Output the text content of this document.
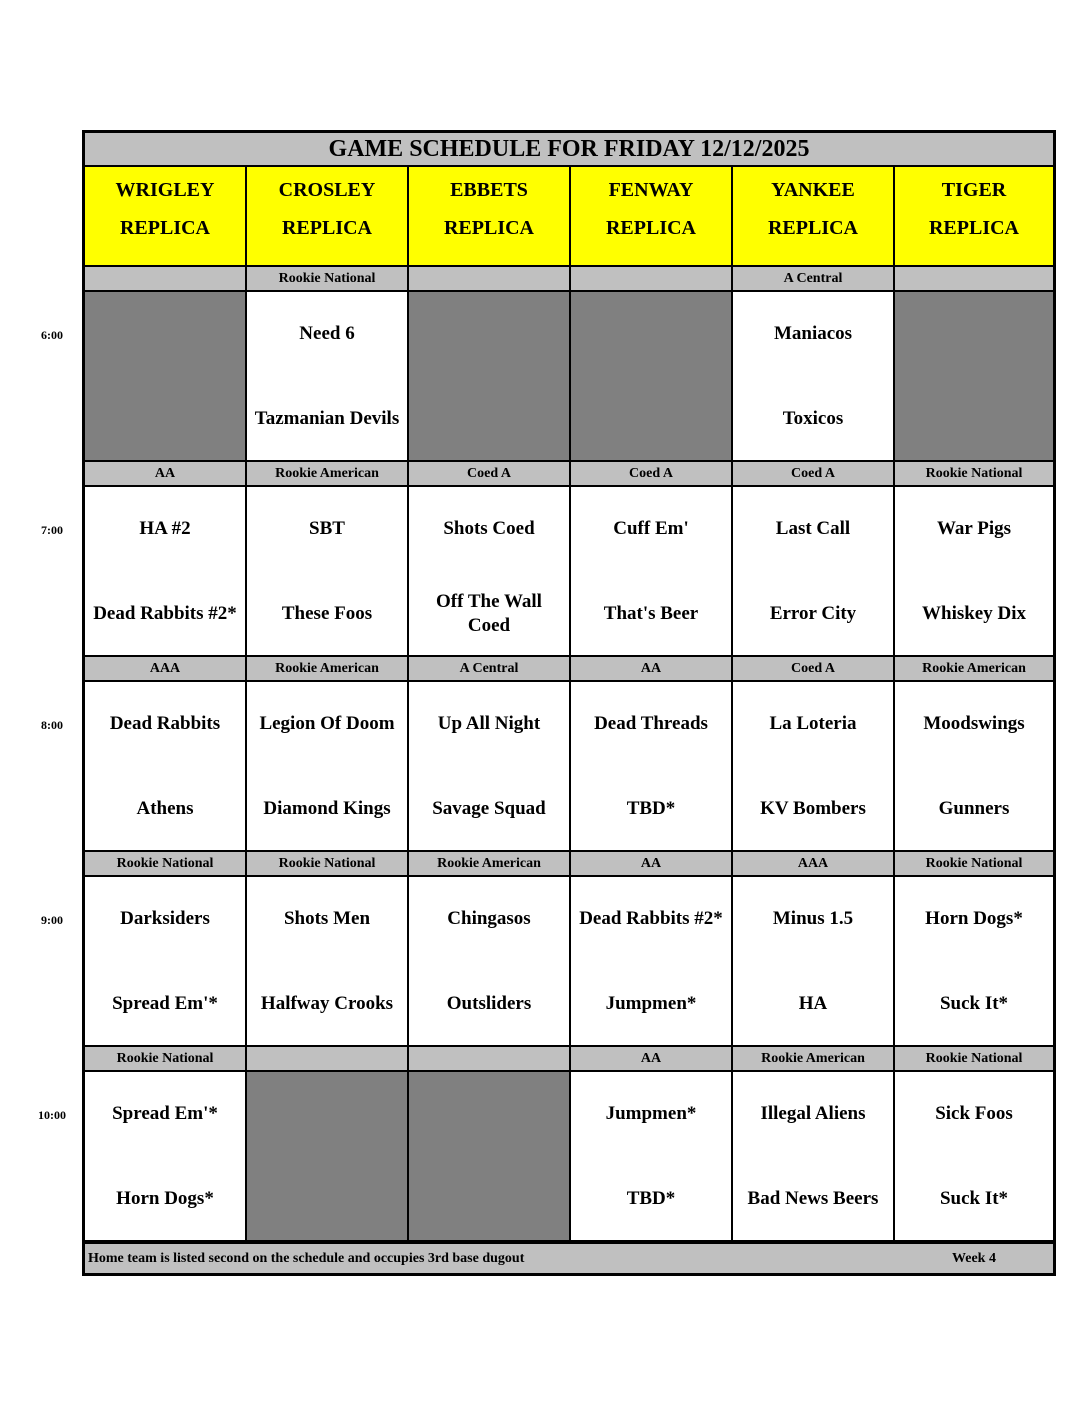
GAME SCHEDULE FOR FRIDAY 12/12/2025
WRIGLEY
REPLICA
CROSLEY
REPLICA
EBBETS
REPLICA
FENWAY
REPLICA
YANKEE
REPLICA
TIGER
REPLICA
Rookie National
Need 6
Tazmanian Devils
A Central
Maniacos
Toxicos
AA
HA #2
Dead Rabbits #2*
Rookie American
SBT
These Foos
Coed A
Shots Coed
Off The Wall Coed
Coed A
Cuff Em'
That's Beer
Coed A
Last Call
Error City
Rookie National
War Pigs
Whiskey Dix
AAA
Dead Rabbits
Athens
Rookie American
Legion Of Doom
Diamond Kings
A Central
Up All Night
Savage Squad
AA
Dead Threads
TBD*
Coed A
La Loteria
KV Bombers
Rookie American
Moodswings
Gunners
Rookie National
Darksiders
Spread Em'*
Rookie National
Shots Men
Halfway Crooks
Rookie American
Chingasos
Outsliders
AA
Dead Rabbits #2*
Jumpmen*
AAA
Minus 1.5
HA
Rookie National
Horn Dogs*
Suck It*
Rookie National
Spread Em'*
Horn Dogs*
AA
Jumpmen*
TBD*
Rookie American
Illegal Aliens
Bad News Beers
Rookie National
Sick Foos
Suck It*
Home team is listed second on the schedule and occupies 3rd base dugout	Week 4
6:00
7:00
8:00
9:00
10:00
